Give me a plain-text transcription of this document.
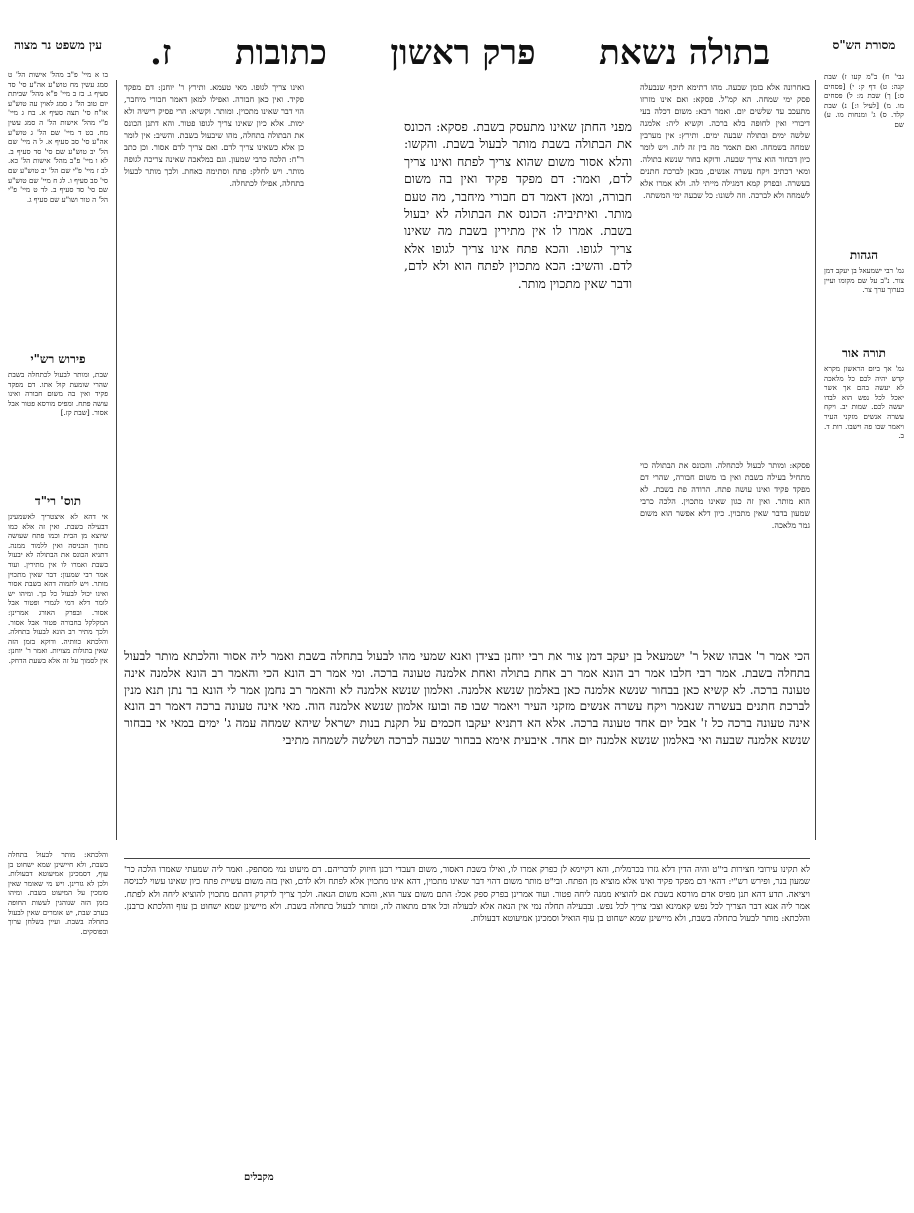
בתולה נשאת
פרק ראשון
כתובות
ז.	מסורת הש"ס
גבי' ח) ב"מ קעו ז) שבת קנה: ט) דף ק: י) [פסחים ס:] ך) שבת מ: ל) פסחים מו. מ) [לעיל ו:] נ) שבת קלד. ס) ג' ומנחות מו. ע) שם
הגהות
גמ' רבי ישמעאל בן יעקב דמן צור. נ"ב על שם מקומו ועיין בערוך ערך צר.
תורה אור
גמ' אך ביום הראשון מקרא קדש יהיה לכם כל מלאכה לא יעשה בהם אך אשר יאכל לכל נפש הוא לבדו יעשה לכם. שמות יב. ויקח עשרה אנשים מזקני העיר ויאמר שבו פה וישבו. רות ד. ב.
עין משפט נר מצוה
בו א מיי' פ"ב מהל' אישות הל' ט סמג עשין מח טוש"ע אה"ע סי' סד סעיף ג. בז ב מיי' פ"א מהל' שביתת יום טוב הל' ג סמג לאוין עה טוש"ע או"ח סי' תצה סעיף א. בח ג מיי' פ"י מהל' אישות הל' ה סמג עשין מח. בט ד מיי' שם הל' ג טוש"ע אה"ע סי' סב סעיף א. ל ה מיי' שם הל' יב טוש"ע שם סי' סד סעיף ב. לא ו מיי' פ"ב מהל' אישות הל' כא. לב ז מיי' פ"י שם הל' יב טוש"ע שם סי' סב סעיף ו. לג ח מיי' שם טוש"ע שם סי' סד סעיף ב. לד ט מיי' פ"י הל' ה טור ושו"ע שם סעיף ג.
פירוש רש"י
שבת, ומותר לבעול לכתחלה בשבת שהרי שומעת קול אתו. דם מפקד פקיד ואין בה משום חבורה ואינו עושה פתח. ומפיס מורסא פטור אבל אסור. [שבת קז.]
תוס' רי"ד
אי דהא לא איצטריך לאשמעינן דבעילה בשבת. ואין זה אלא כמו שיוצא מן הבית וכמו פתח שעושה מתוך הכניסה ואין ללמוד ממנה. דתניא הכונס את הבתולה לא יבעול בשבת ואמרו לו אין מתירין. ועוד אמר רבי שמעון: דבר שאין מתכוין מותר. ויש לתמוה דהא בשבת אסור ואינו יכול לבעול כל כך. ומיהו יש לומר דלא דמי לגמרי ופטור אבל אסור. ובפרק האורג אמרינן: המקלקל בחבורה פטור אבל אסור. ולכך מתיר רב הונא לבעול בתחלה. והלכתא כוותיה. ודוקא בזמן הזה שאין בתולות מצויות. ואמר ר' יוחנן: אין לסמוך על זה אלא בשעת הדחק.
באחרונה אלא בזמן שבעה. מהו דתימא תיכף שנבעלה פסק ימי שמחה. הא קמ"ל. פסקא: ואם אינו מזרזו מתעכב עד שלשים יום. ואמר רבא: משום דכלה בעי דיבורי ואין לחופה בלא ברכה. וקשיא ליה: אלמנה שלשה ימים ובתולה שבעה ימים. ותירץ: אין מערבין שמחה בשמחה. ואם תאמר מה בין זה לזה. ויש לומר כיון דבחור הוא צריך שבעה. ודוקא בחור שנשא בתולה. ומאי דכתיב ויקח עשרה אנשים, מכאן לברכת חתנים בעשרה. ובפרק קמא דמגילה מייתי לה. ולא אמרו אלא לשמחה ולא לברכה. וזה לשונו: כל שבעה ימי המשתה.
ואינו צריך לגופו. מאי טעמא. ותירץ ר' יוחנן: דם מפקד פקיד. ואין כאן חבורה. ואפילו למאן דאמר חבורי מיחבר, הוי דבר שאינו מתכוין. ומותר. וקשיא: הרי פסיק רישיה ולא ימות. אלא כיון שאינו צריך לגופו פטור. והא דתנן הכונס את הבתולה בתחלה, מהו שיבעול בשבת. והשיב: אין לומר כן אלא כשאינו צריך לדם. ואם צריך לדם אסור. וכן כתב ר"ח: הלכה כרבי שמעון. וגם במלאכה שאינה צריכה לגופה מותר. ויש לחלק: פתח וסתימה כאחת. ולכך מותר לבעול בתחלה, אפילו לכתחלה.
פסקא: ומותר לבעול לכתחלה. והכונס את הבתולה כוי מתחיל בעילה בשבת ואין בו משום חבורה, שהרי דם מפקד פקיד ואינו עושה פתח. הרודה פת בשבת. לא הוא מותר. ואין זה כגון שאינו מתכוין. הלכה כרבי שמעון בדבר שאין מתכוין. כיון דלא אפשר הוא משום גמר מלאכה.
מפני החתן שאינו מתעסק בשבת. פסקא: הכונס את הבתולה בשבת מותר לבעול בשבת. והקשו: והלא אסור משום שהוא צריך לפתח ואינו צריך לדם, ואמר: דם מפקד פקיד ואין בה משום חבורה, ומאן דאמר דם חבורי מיחבר, מה טעם מותר. ואיתיביה: הכונס את הבתולה לא יבעול בשבת. אמרו לו אין מתירין בשבת מה שאינו צריך לגופו. והכא פתח אינו צריך לגופו אלא לדם. והשיב: הכא מתכוין לפתח הוא ולא לדם, ודבר שאין מתכוין מותר.
הכי אמר ר' אבהו שאל ר' ישמעאל בן יעקב דמן צור את רבי יוחנן בצידן ואנא שמעי מהו לבעול בתחלה בשבת ואמר ליה אסור והלכתא מותר לבעול בתחלה בשבת. אמר רבי חלבו אמר רב הונא אמר רב אחת בתולה ואחת אלמנה טעונה ברכה. ומי אמר רב הונא הכי והאמר רב הונא אלמנה אינה טעונה ברכה. לא קשיא כאן בבחור שנשא אלמנה כאן באלמון שנשא אלמנה. ואלמון שנשא אלמנה לא והאמר רב נחמן אמר לי הונא בר נתן תנא מנין לברכת חתנים בעשרה שנאמר ויקח עשרה אנשים מזקני העיר ויאמר שבו פה ובועז אלמון שנשא אלמנה הוה. מאי אינה טעונה ברכה דאמר רב הונא אינה טעונה ברכה כל ז' אבל יום אחד טעונה ברכה. אלא הא דתניא יעקבו חכמים על תקנת בנות ישראל שיהא שמחה עמה ג' ימים במאי אי בבחור שנשא אלמנה שבעה ואי באלמון שנשא אלמנה יום אחד. איבעית אימא בבחור שבעה לברכה ושלשה לשמחה מתיבי
לא תקינו עירובי חצירות בי"ט והיה הדין דלא גזרו בכרמלית, והא דקיימא לן כפרק אמרו לו, ואילו בשבת דאסור, משום דעבדי רבנן חיזוק לדבריהם. דם מיעוט נמי מסתפק. ואמר ליה שמעתי שאמרו הלכה כר' שמעון בנר, ופירש רש"י: דהאי דם מפקד פקיד ואינו אלא מוציא מן הפתח. ובי"ט מותר משום דהוי דבר שאינו מתכוין, דהא אינו מתכוין אלא לפתח ולא לדם, ואין בזה משום עשיית פתח כיון שאינו עשוי לכניסה ויציאה. תדע דהא תנן מפיס אדם מורסא בשבת אם להוציא ממנה ליחה פטור. ועוד אמרינן בפרק ספק אכל: התם משום צער הוא, והכא משום הנאה. ולכך צריך לדקדק דהתם מתכוין להוציא ליחה ולא לפתח. אמר ליה אנא דבר הצריך לכל נפש קאמינא וצבי צריך לכל נפש. ובבעילה תחלה נמי אין הנאה אלא לבעולה וכל אדם מתאוה לה, ומותר לבעול בתחלה בשבת. ולא מיישינן שמא ישחוט בן עוף והלכתא כרבנן. והלכתא: מותר לבעול בתחלה בשבת, ולא מיישינן שמא ישחוט בן עוף הואיל וסמכינן אמיעוטא דבעולות.
והלכתא: מותר לבעול בתחלה בשבת, ולא חיישינן שמא ישחוט בן עוף, דסמכינן אמיעוטא דבעולות. ולכן לא גזרינן. ויש מי שאומר שאין סומכין על המיעוט בשבת. ומיהו בזמן הזה שנוהגין לעשות החופה בערב שבת, יש אומרים שאין לבעול בתחלה בשבת. ועיין בשלחן ערוך ובפוסקים.
מקבלים
